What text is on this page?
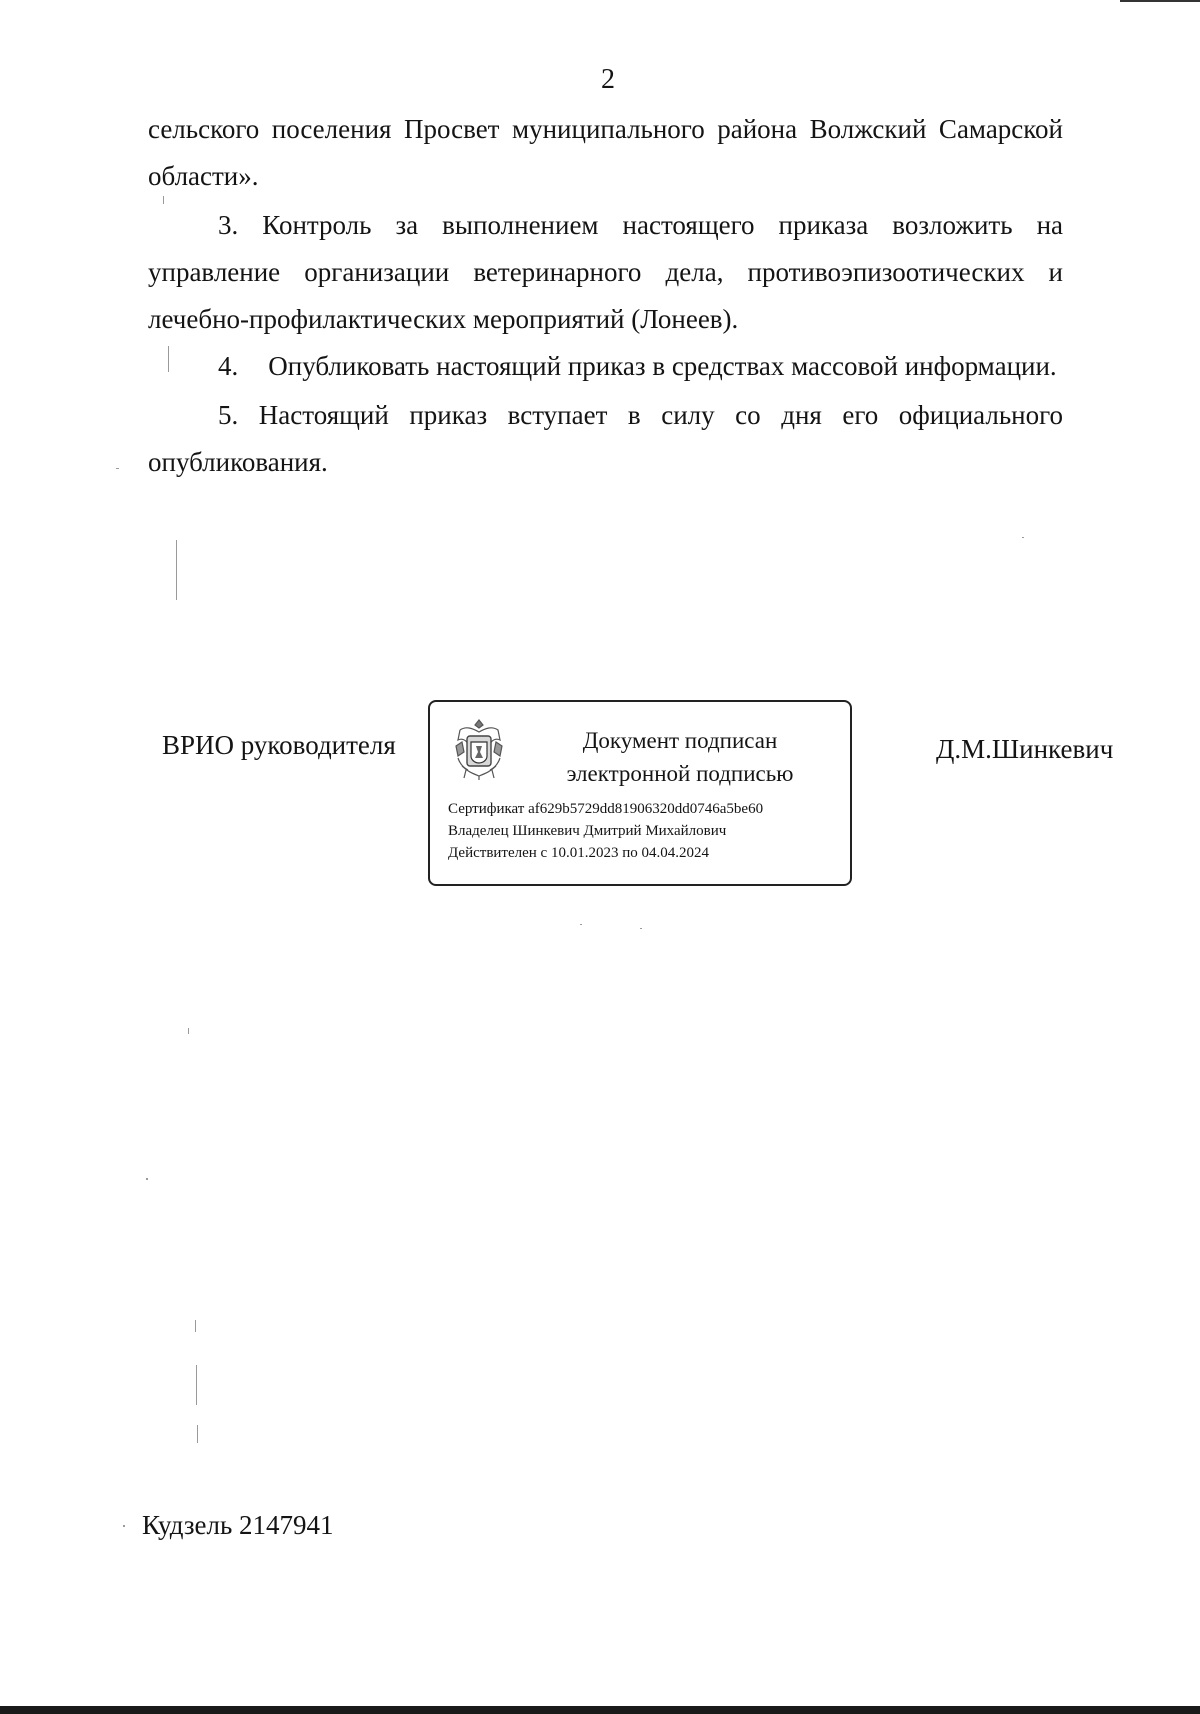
2

сельского поселения Просвет муниципального района Волжский Самарской области».

3. Контроль за выполнением настоящего приказа возложить на управление организации ветеринарного дела, противоэпизоотических и лечебно-профилактических мероприятий (Лонеев).

4. Опубликовать настоящий приказ в средствах массовой информации.

5. Настоящий приказ вступает в силу со дня его официального опубликования.

ВРИО руководителя	Документ подписан
электронной подписью
Сертификат af629b5729dd81906320dd0746a5be60
Владелец Шинкевич Дмитрий Михайлович
Действителен с 10.01.2023 по 04.04.2024
Д.М.Шинкевич
Кудзель 2147941
